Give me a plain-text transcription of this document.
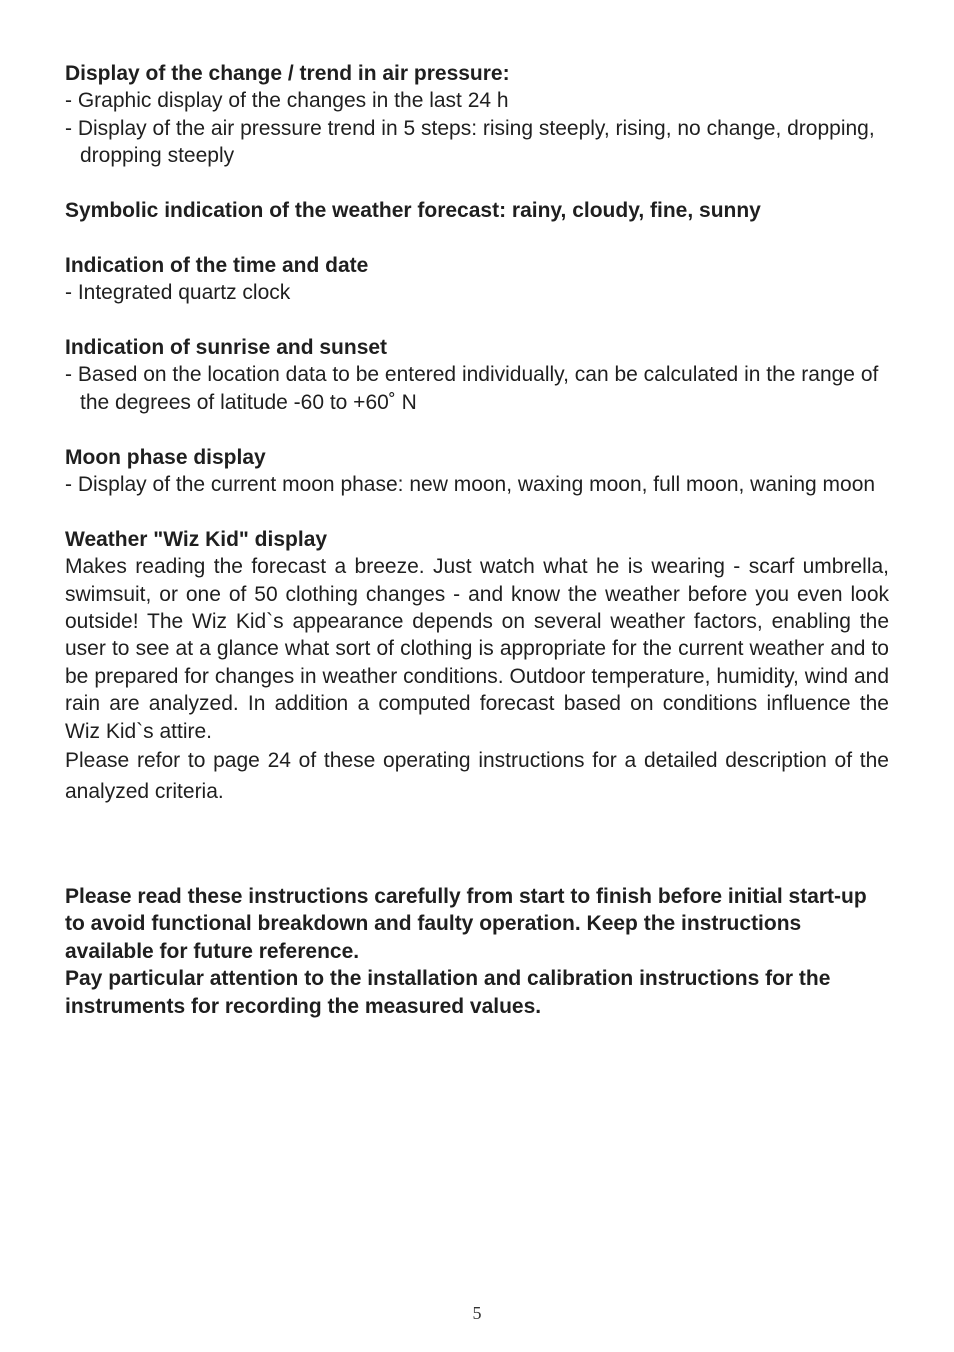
Display of the change / trend in air pressure:
- Graphic display of the changes in the last 24 h
- Display of the air pressure trend in 5 steps: rising steeply, rising, no change, dropping, dropping steeply
Symbolic indication of the weather forecast: rainy, cloudy, fine, sunny
Indication of the time and date
- Integrated quartz clock
Indication of sunrise and sunset
- Based on the location data to be entered individually, can be calculated in the range of the degrees of latitude -60 to +60˚ N
Moon phase display
- Display of the current moon phase: new moon, waxing moon, full moon, waning moon
Weather "Wiz Kid" display
Makes reading the forecast a breeze. Just watch what he is wearing - scarf umbrella, swimsuit, or one of 50 clothing changes - and know the weather before you even look outside! The Wiz Kid`s appearance depends on several weather factors, enabling the user to see at a glance what sort of clothing is appropriate for the current weather and to be prepared for changes in weather conditions. Outdoor temperature, humidity, wind and rain are analyzed. In addition a computed forecast based on conditions influence the Wiz Kid`s attire.
Please refor to page 24 of these operating instructions for a detailed description of the analyzed criteria.

Please read these instructions carefully from start to finish before initial start-up to avoid functional breakdown and faulty operation. Keep the instructions available for future reference.

Pay particular attention to the installation and calibration instructions for the instruments for recording the measured values.

5
